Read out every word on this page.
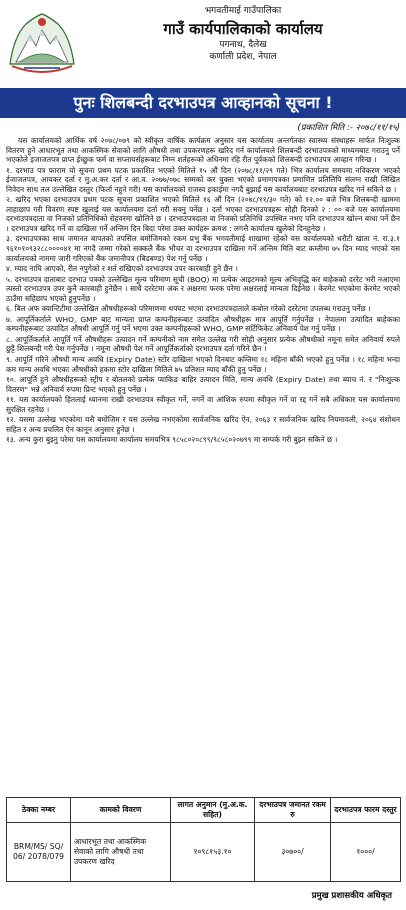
भगवतीमाई गाउँपालिका
गाउँ कार्यपालिकाको कार्यालय
पगनाथ, दैलेख
कर्णाली प्रदेश, नेपाल
पुनः शिलबन्दी दरभाउपत्र आव्हानको सूचना !
(प्रकाशित मिति :- २०७८/११/१५)

यस कार्यालयको आर्थिक वर्ष २०७८/०७९ को स्वीकृत वार्षिक कार्यक्रम अनुसार यस कार्यालय अन्तर्गतका स्वास्थ्य संस्थाहरू मार्फत निःशुल्क वितरण हुने आधारभूत तथा आकस्मिक सेवाको लागि औषधी तथा उपकरणहरू खरिद गर्न कार्यालयले शिलबन्दी दरभाउपत्रको माध्यमबाट गराउनु पर्ने भएकोले इजाजतपत्र प्राप्त ईच्छुक फर्म वा सप्लायर्सहरूबाट निम्न शर्तहरूको अधिनमा रहि रीत पूर्वकको शिलबन्दी दरभाउपत्र आव्हान गरिन्छ ।

१. दरभाउ पत्र फाराम यो सूचना प्रथम पटक प्रकाशित भएको मितिले १५ औं दिन (२०७८/११/२९ गते) भित्र कार्यालय समयमा नविकरण भएको ईजाजतपत्र, आयकर दर्ता र मु.अ.कर दर्ता र आ.व. २०७७/०७८ सम्मको कर चुक्ता भएको प्रमाणपत्रका प्रमाणित प्रतिलिपि संलग्न राखी लिखित निवेदन साथ तल उल्लेखित दस्तुर (फिर्ता नहुने गरी) यस कार्यालयको राजस्व इकाईमा नगदै बुझाई यस कार्यालयबाट दरभाउपत्र खरिद गर्न सकिने छ ।

२. खरिद भएका दरभाउपत्र प्रथम पटक सूचना प्रकाशित भएको मितिले १६ औं दिन (२०७८/११/३० गते) को १२.०० बजे भित्र शिलबन्दी खाममा लाहाछाप गरी विवरण स्पष्ट खुलाई यस कार्यालयमा दर्ता गरी सक्नु पर्नेछ । दर्ता भएका दरभाउपत्रहरू सोही दिनको २ : ०० बजे यस कार्यालयमा दरभाउपत्रदाता वा निजको प्रतिनिधिको रोहवरमा खोलिने छ । दरभाउपत्रदाता वा निजको प्रतिनिधि उपस्थित नभए पनि दरभाउपत्र खोल्न बाधा पर्ने छैन । दरभाउपत्र खरिद गर्ने वा दाखिला गर्ने अन्तिम दिन बिदा परेमा उक्त कार्यहरू क्रमश : लगत्तै कार्यालय खुलेको दिनहुनेछ ।

३. दरभाउपत्रका साथ जमानत बापतको तपसिल बमोजिमको रकम प्रभु बैंक भगवतीमाई शाखामा रहेको यस कार्यालयको धरौटी खाता नं. रा.३.१ ९६१०१०९३२८८००००४१ मा नगदै जम्मा गरेको सक्कलै बैंक भौचर वा दरभाउपत्र दाखिला गर्ने अन्तिम मिति बाट कम्तीमा ७५ दिन म्याद भएको यस कार्यालयको नाममा जारी गरिएको बैंक जमानीपत्र (बिडबण्ड) पेश गर्नु पर्नेछ ।

४. म्याद नाघि आएको, रीत नपुगेको र शर्त राखिएको दरभाउपत्र उपर कारबाही हुने छैन ।

५. दरभाउपत्र दाताबाट दरभाउ पत्रको उल्लेखित मूल्य परिमाण सूची (BOQ) मा प्रत्येक आइटमको मूल्य अभिवृद्धि कर बाहेकको दररेट भरी नआएमा त्यस्तो दरभाउपत्र उपर कुनै कारबाही हुनेछैन । साथै दररेटमा अंक र अक्षरमा फरक परेमा अक्षरलाई मान्यता दिईनेछ । केरमेट भएकोमा केरमेट भएको ठाउँमा सहिछाप भएको हुनुपर्नेछ ।

६. बिल अफ क्वान्टिटीमा उल्लेखित औषधीहरूको परिमाणमा थपघट भएमा दरभाउपत्रदाताले कबोल गरेको दररेटमा उपलब्ध गराउनु पर्नेछ ।

७. आपूर्तिकर्ताले WHO, GMP बाट मान्यता प्राप्त कम्पनीहरूबाट उत्पादित औषधीहरू मात्र आपूर्ति गर्नुपर्नेछ । नेपालमा उत्पादित बाहेकका कम्पनीहरूबाट उत्पादित औषधी आपूर्ति गर्नु पर्ने भएमा उक्त कम्पनीहरूको WHO, GMP सर्टिफिकेट अनिवार्य पेश गर्नु पर्नेछ ।

८. आपूर्तिकर्ताले आपूर्ति गर्ने औषधीहरू उत्पादन गर्ने कम्पनीको नाम समेत उल्लेख गरी सोही अनुसार प्रत्येक औषधीको नमूना समेत अनिवार्य रुपले छुट्टै शिलबन्दी गरी पेश गर्नुपर्नेछ । नमूना औषधी पेश गर्ने आपूर्तिकर्ताको दरभाउपत्र दर्ता गरिने छैन ।

९. आपूर्ति गरिने औषधी मान्य अवधि (Expiry Date) स्टोर दाखिला भएको दिनबाट कम्तिमा १८ महिना बाँकी भएको हुनु पर्नेछ । १८ महिना भन्दा कम मान्य अवधि भएका औषधीको हकमा स्टोर दाखिला मितिले ७५ प्रतिशत म्याद बाँकी हुनु पर्नेछ ।

१०. आपूर्ति हुने औषधीहरूको स्ट्रीप र बोतलको प्रत्येक प्याकिङ बाहिर उत्पादन मिति, मान्य अवधि (Expiry Date) तथा ब्याच नं. र "निःशुल्क वितरण" भन्ने अनिवार्य रुपमा प्रिन्ट भएको हुनु पर्नेछ ।

११. यस कार्यालयको हितलाई ध्यानमा राखी दरभाउपत्र स्वीकृत गर्ने, नगर्ने वा आंशिक रुपमा स्वीकृत गर्ने वा रद्द गर्ने सबै अधिकार यस कार्यालयमा सुरक्षित रहनेछ ।

१२. यसमा उल्लेख भएकोमा यसै बमोजिम र यस उल्लेख नभएकोमा सार्वजनिक खरिद ऐन, २०६३ र सार्वजनिक खरिद नियमावली, २०६४ संशोधन सहित र अन्य प्रचलित ऐन कानून अनुसार हुनेछ ।

१३. अन्य कुरा बुझ्नु परेमा यस कार्यालयमा कार्यालय समयभित्र ९८५८०२०८९९/९८५८०२०७९९ मा सम्पर्क गरी बुझ्न सकिने छ ।

ठेक्का नम्बर	कामको विवरण	लागत अनुमान (मु.अ.क. सहित)	दरभाउपत्र जमानत रकम रु	दरभाउपत्र फारम दस्तुर
BRM/MS/ SQ/ 06/ 2078/079	आधारभूत तथा आकस्मिक सेवाको लागि औषधी तथा उपकरण खरिद	१०९८१५३.१०	३०७००/	१०००/
प्रमुख प्रशासकीय अधिकृत
